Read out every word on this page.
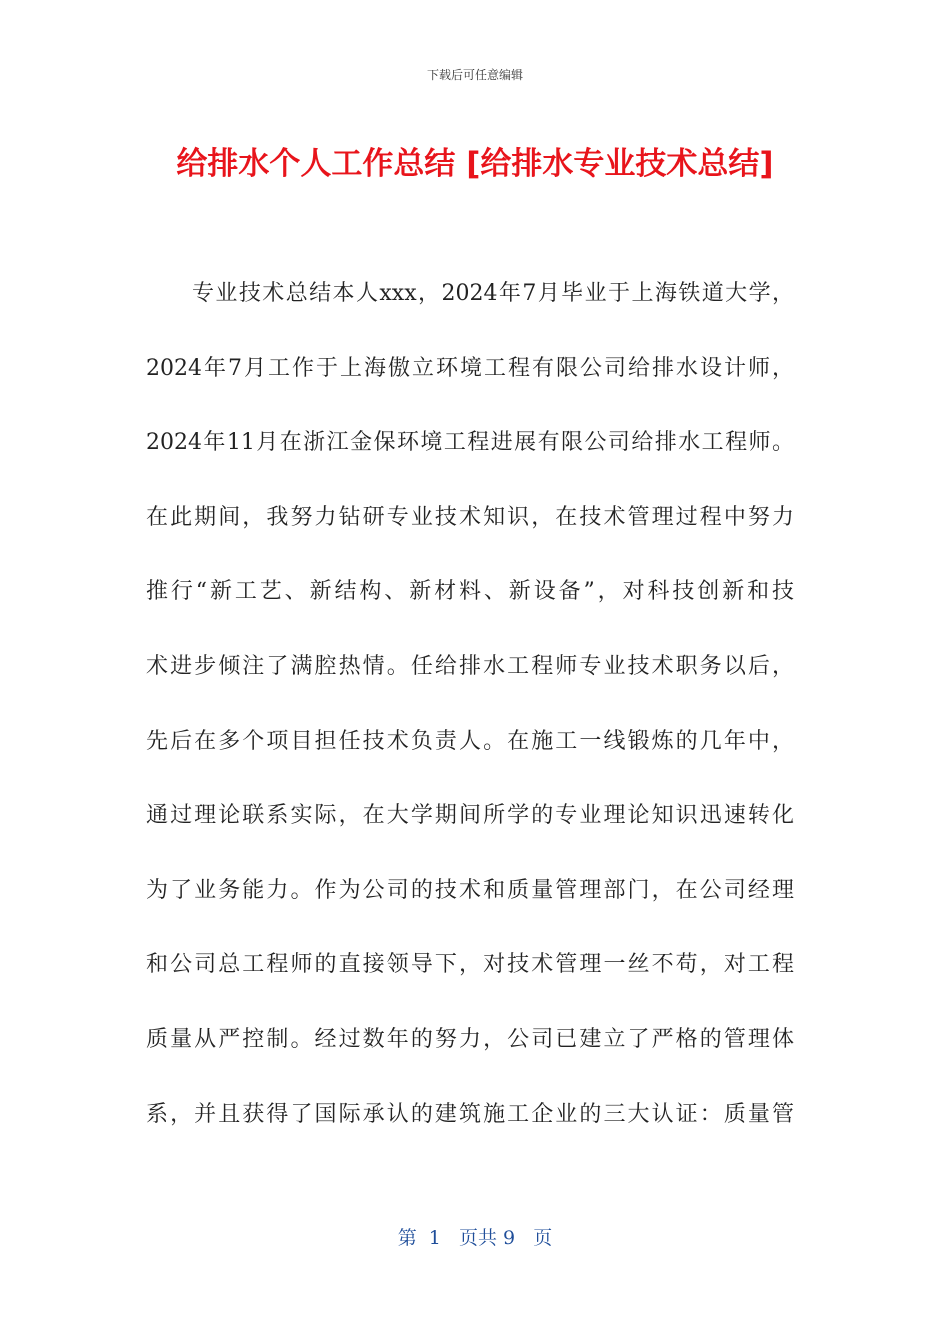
下载后可任意编辑
给排水个人工作总结 [给排水专业技术总结]
专业技术总结本人xxx，2024年7月毕业于上海铁道大学，
2024年7月工作于上海傲立环境工程有限公司给排水设计师，
2024年11月在浙江金保环境工程进展有限公司给排水工程师。
在此期间，我努力钻研专业技术知识，在技术管理过程中努力
推行“新工艺、新结构、新材料、新设备”，对科技创新和技
术进步倾注了满腔热情。任给排水工程师专业技术职务以后，
先后在多个项目担任技术负责人。在施工一线锻炼的几年中，
通过理论联系实际，在大学期间所学的专业理论知识迅速转化
为了业务能力。作为公司的技术和质量管理部门，在公司经理
和公司总工程师的直接领导下，对技术管理一丝不苟，对工程
质量从严控制。经过数年的努力，公司已建立了严格的管理体
系，并且获得了国际承认的建筑施工企业的三大认证：质量管
第  1   页共 9   页
